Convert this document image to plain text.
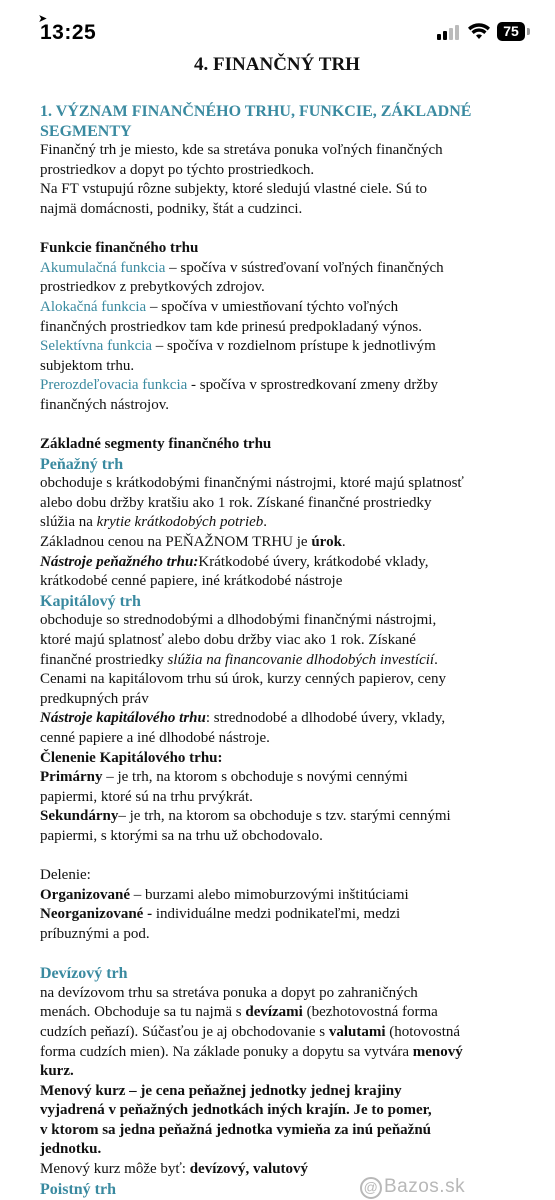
➤
13:25	75
4. FINANČNÝ TRH
1. VÝZNAM FINANČNÉHO TRHU, FUNKCIE, ZÁKLADNÉ
SEGMENTY
Finančný trh je miesto, kde sa stretáva ponuka voľných finančných
prostriedkov a dopyt po týchto prostriedkoch.
Na FT vstupujú rôzne subjekty, ktoré sledujú vlastné ciele. Sú to
najmä domácnosti, podniky, štát a cudzinci.
Funkcie finančného trhu
Akumulačná funkcia – spočíva v sústreďovaní voľných finančných
prostriedkov z prebytkových zdrojov.
Alokačná funkcia – spočíva v umiestňovaní týchto voľných
finančných prostriedkov tam kde prinesú predpokladaný výnos.
Selektívna funkcia – spočíva v rozdielnom prístupe k jednotlivým
subjektom trhu.
Prerozdeľovacia funkcia - spočíva v sprostredkovaní zmeny držby
finančných nástrojov.
Základné segmenty finančného trhu
Peňažný trh
obchoduje s krátkodobými finančnými nástrojmi, ktoré majú splatnosť
alebo dobu držby kratšiu ako 1 rok. Získané finančné prostriedky
slúžia na krytie krátkodobých potrieb.
Základnou cenou na PEŇAŽNOM TRHU je úrok.
Nástroje peňažného trhu:Krátkodobé úvery, krátkodobé vklady,
krátkodobé cenné papiere, iné krátkodobé nástroje
Kapitálový trh
obchoduje so strednodobými a dlhodobými finančnými nástrojmi,
ktoré majú splatnosť alebo dobu držby viac ako 1 rok. Získané
finančné prostriedky slúžia na financovanie dlhodobých investícií.
Cenami na kapitálovom trhu sú úrok, kurzy cenných papierov, ceny
predkupných práv
Nástroje kapitálového trhu: strednodobé a dlhodobé úvery, vklady,
cenné papiere a iné dlhodobé nástroje.
Členenie Kapitálového trhu:
Primárny – je trh, na ktorom s obchoduje s novými cennými
papiermi, ktoré sú na trhu prvýkrát.
Sekundárny– je trh, na ktorom sa obchoduje s tzv. starými cennými
papiermi, s ktorými sa na trhu už obchodovalo.
Delenie:
Organizované – burzami alebo mimoburzovými inštitúciami
Neorganizované - individuálne medzi podnikateľmi, medzi
príbuznými a pod.
Devízový trh
na devízovom trhu sa stretáva ponuka a dopyt po zahraničných
menách. Obchoduje sa tu najmä s devízami (bezhotovostná forma
cudzích peňazí). Súčasťou je aj obchodovanie s valutami (hotovostná
forma cudzích mien). Na základe ponuky a dopytu sa vytvára menový
kurz.
Menový kurz – je cena peňažnej jednotky jednej krajiny
vyjadrená v peňažných jednotkách iných krajín. Je to pomer,
v ktorom sa jedna peňažná jednotka vymieňa za inú peňažnú
jednotku.
Menový kurz môže byť: devízový, valutový
Poistný trh	@ Bazos.sk
